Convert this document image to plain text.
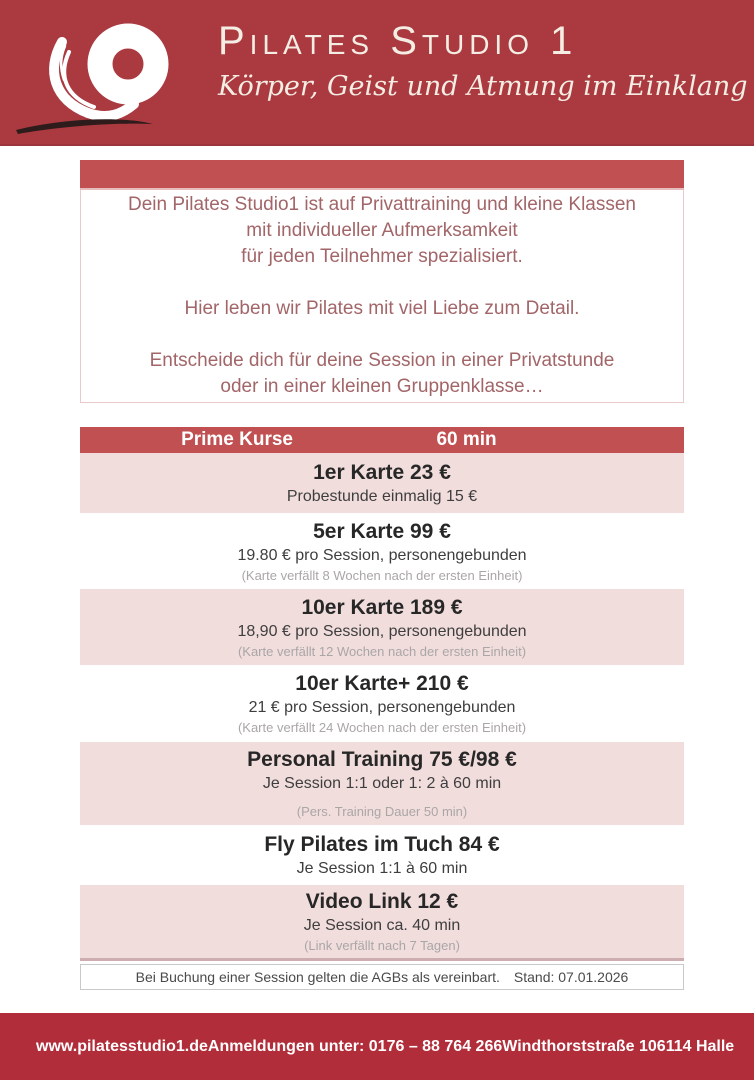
Pilates Studio 1
Körper, Geist und Atmung im Einklang
Dein Pilates Studio1 ist auf Privattraining und kleine Klassen
mit individueller Aufmerksamkeit
für jeden Teilnehmer spezialisiert.
Hier leben wir Pilates mit viel Liebe zum Detail.
Entscheide dich für deine Session in einer Privatstunde
oder in einer kleinen Gruppenklasse…
Prime Kurse	60 min
1er Karte 23 €
Probestunde einmalig 15 €
5er Karte 99 €
19.80 € pro Session, personengebunden
(Karte verfällt 8 Wochen nach der ersten Einheit)
10er Karte 189 €
18,90 € pro Session, personengebunden
(Karte verfällt 12 Wochen nach der ersten Einheit)
10er Karte+ 210 €
21 € pro Session, personengebunden
(Karte verfällt 24 Wochen nach der ersten Einheit)
Personal Training 75 €/98 €
Je Session 1:1 oder 1: 2 à 60 min
(Pers. Training Dauer 50 min)
Fly Pilates im Tuch 84 €
Je Session 1:1 à 60 min
Video Link 12 €
Je Session ca. 40 min
(Link verfällt nach 7 Tagen)
Bei Buchung einer Session gelten die AGBs als vereinbart. Stand: 07.01.2026
www.pilatesstudio1.de Anmeldungen unter: 0176 – 88 764 266 Windthorststraße 1 06114 Halle
